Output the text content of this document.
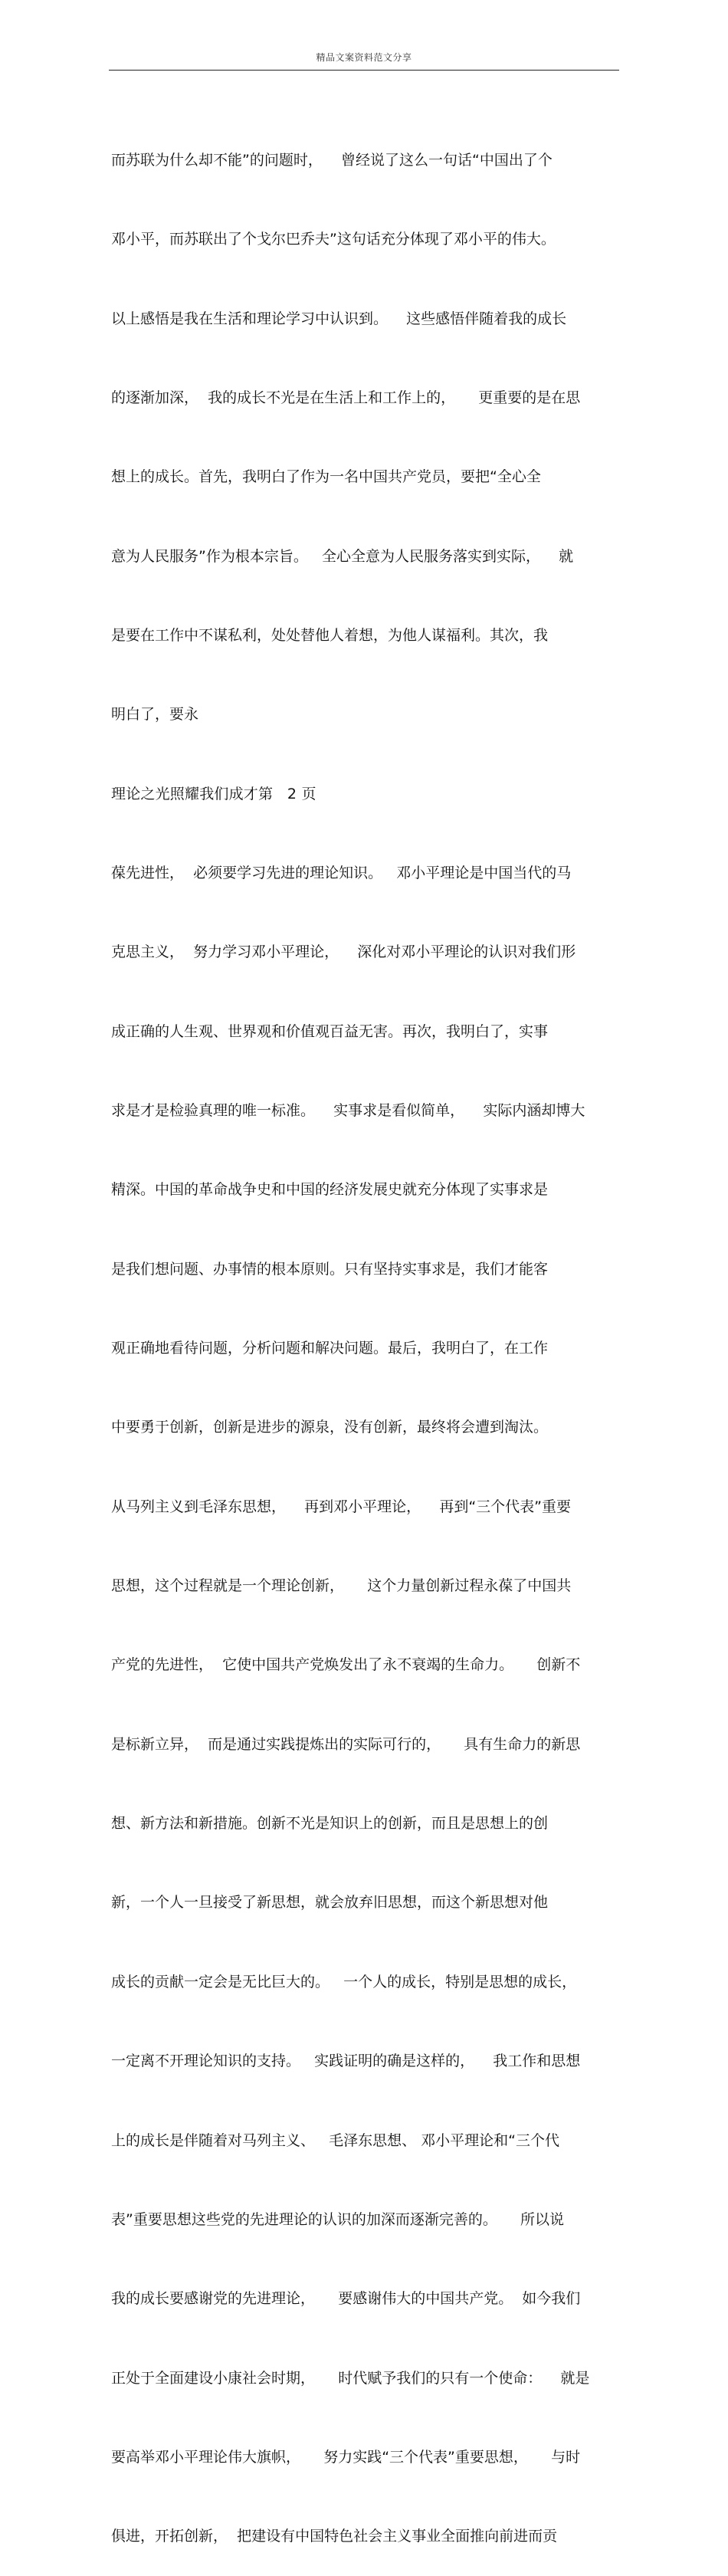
精品文案资料范文分享

而苏联为什么却不能”的问题时，    曾经说了这么一句话“中国出了个

邓小平，而苏联出了个戈尔巴乔夫”这句话充分体现了邓小平的伟大。

以上感悟是我在生活和理论学习中认识到。    这些感悟伴随着我的成长

的逐渐加深，  我的成长不光是在生活上和工作上的，     更重要的是在思

想上的成长。首先，我明白了作为一名中国共产党员，要把“全心全

意为人民服务”作为根本宗旨。   全心全意为人民服务落实到实际，    就

是要在工作中不谋私利，处处替他人着想，为他人谋福利。其次，我

明白了，要永

理论之光照耀我们成才第   2 页

葆先进性，  必须要学习先进的理论知识。   邓小平理论是中国当代的马

克思主义，  努力学习邓小平理论，    深化对邓小平理论的认识对我们形

成正确的人生观、世界观和价值观百益无害。再次，我明白了，实事

求是才是检验真理的唯一标准。    实事求是看似简单，    实际内涵却博大

精深。中国的革命战争史和中国的经济发展史就充分体现了实事求是

是我们想问题、办事情的根本原则。只有坚持实事求是，我们才能客

观正确地看待问题，分析问题和解决问题。最后，我明白了，在工作

中要勇于创新，创新是进步的源泉，没有创新，最终将会遭到淘汰。

从马列主义到毛泽东思想，    再到邓小平理论，    再到“三个代表”重要

思想，这个过程就是一个理论创新，     这个力量创新过程永葆了中国共

产党的先进性，  它使中国共产党焕发出了永不衰竭的生命力。     创新不

是标新立异，  而是通过实践提炼出的实际可行的，     具有生命力的新思

想、新方法和新措施。创新不光是知识上的创新，而且是思想上的创

新，一个人一旦接受了新思想，就会放弃旧思想，而这个新思想对他

成长的贡献一定会是无比巨大的。   一个人的成长，特别是思想的成长，

一定离不开理论知识的支持。   实践证明的确是这样的，    我工作和思想

上的成长是伴随着对马列主义、   毛泽东思想、 邓小平理论和“三个代

表”重要思想这些党的先进理论的认识的加深而逐渐完善的。     所以说

我的成长要感谢党的先进理论，     要感谢伟大的中国共产党。  如今我们

正处于全面建设小康社会时期，     时代赋予我们的只有一个使命：    就是

要高举邓小平理论伟大旗帜，     努力实践“三个代表”重要思想，     与时

俱进，开拓创新，  把建设有中国特色社会主义事业全面推向前进而贡
